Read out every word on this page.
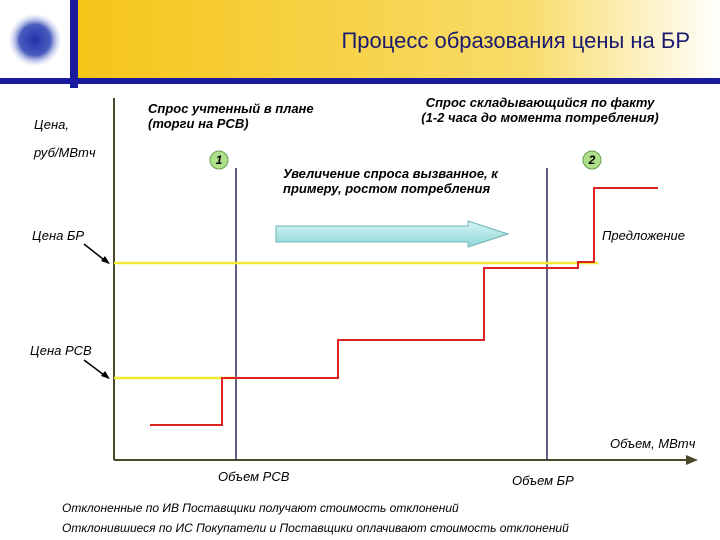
1	2
Процесс образования цены на БР
Цена,
руб/МВтч
Спрос учтенный в плане (торги на РСВ)
Спрос складывающийся по факту (1-2 часа до момента потребления)
Увеличение спроса вызванное, к примеру, ростом потребления
Цена БР
Цена РСВ
Предложение
Объем, МВтч
Объем РСВ	Объем БР
Отклоненные по ИВ Поставщики получают стоимость отклонений
Отклонившиеся по ИС Покупатели и Поставщики оплачивают стоимость отклонений
